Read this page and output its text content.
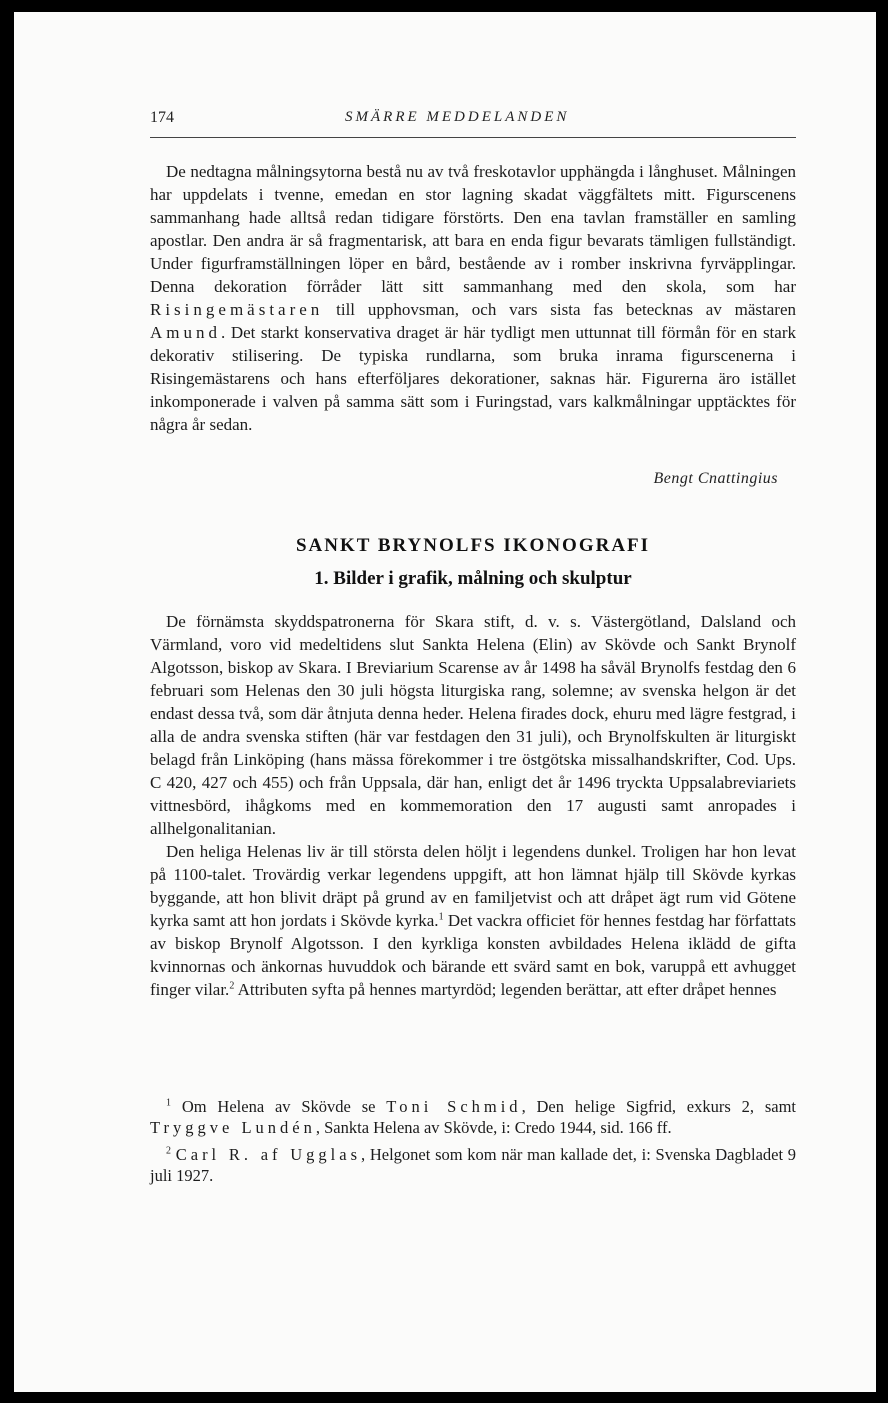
174	SMÄRRE MEDDELANDEN

De nedtagna målningsytorna bestå nu av två freskotavlor upphängda i långhuset. Målningen har uppdelats i tvenne, emedan en stor lagning skadat väggfältets mitt. Figurscenens sammanhang hade alltså redan tidigare förstörts. Den ena tavlan framställer en samling apostlar. Den andra är så fragmentarisk, att bara en enda figur bevarats tämligen fullständigt. Under figurframställningen löper en bård, bestående av i romber inskrivna fyrväpplingar. Denna dekoration förråder lätt sitt sammanhang med den skola, som har Risingemästaren till upphovsman, och vars sista fas betecknas av mästaren Amund. Det starkt konservativa draget är här tydligt men uttunnat till förmån för en stark dekorativ stilisering. De typiska rundlarna, som bruka inrama figurscenerna i Risingemästarens och hans efterföljares dekorationer, saknas här. Figurerna äro istället inkomponerade i valven på samma sätt som i Furingstad, vars kalkmålningar upptäcktes för några år sedan.

Bengt Cnattingius
SANKT BRYNOLFS IKONOGRAFI
1. Bilder i grafik, målning och skulptur

De förnämsta skyddspatronerna för Skara stift, d. v. s. Västergötland, Dalsland och Värmland, voro vid medeltidens slut Sankta Helena (Elin) av Skövde och Sankt Brynolf Algotsson, biskop av Skara. I Breviarium Scarense av år 1498 ha såväl Brynolfs festdag den 6 februari som Helenas den 30 juli högsta liturgiska rang, solemne; av svenska helgon är det endast dessa två, som där åtnjuta denna heder. Helena firades dock, ehuru med lägre festgrad, i alla de andra svenska stiften (här var festdagen den 31 juli), och Brynolfskulten är liturgiskt belagd från Linköping (hans mässa förekommer i tre östgötska missalhandskrifter, Cod. Ups. C 420, 427 och 455) och från Uppsala, där han, enligt det år 1496 tryckta Uppsalabreviariets vittnesbörd, ihågkoms med en kommemoration den 17 augusti samt anropades i allhelgonalitanian.

Den heliga Helenas liv är till största delen höljt i legendens dunkel. Troligen har hon levat på 1100-talet. Trovärdig verkar legendens uppgift, att hon lämnat hjälp till Skövde kyrkas byggande, att hon blivit dräpt på grund av en familjetvist och att dråpet ägt rum vid Götene kyrka samt att hon jordats i Skövde kyrka.$^1$ Det vackra officiet för hennes festdag har författats av biskop Brynolf Algotsson. I den kyrkliga konsten avbildades Helena iklädd de gifta kvinnornas och änkornas huvuddok och bärande ett svärd samt en bok, varuppå ett avhugget finger vilar.$^2$ Attributen syfta på hennes martyrdöd; legenden berättar, att efter dråpet hennes

$^1$ Om Helena av Skövde se Toni Schmid, Den helige Sigfrid, exkurs 2, samt Tryggve Lundén, Sankta Helena av Skövde, i: Credo 1944, sid. 166 ff.

$^2$ Carl R. af Ugglas, Helgonet som kom när man kallade det, i: Svenska Dagbladet 9 juli 1927.
